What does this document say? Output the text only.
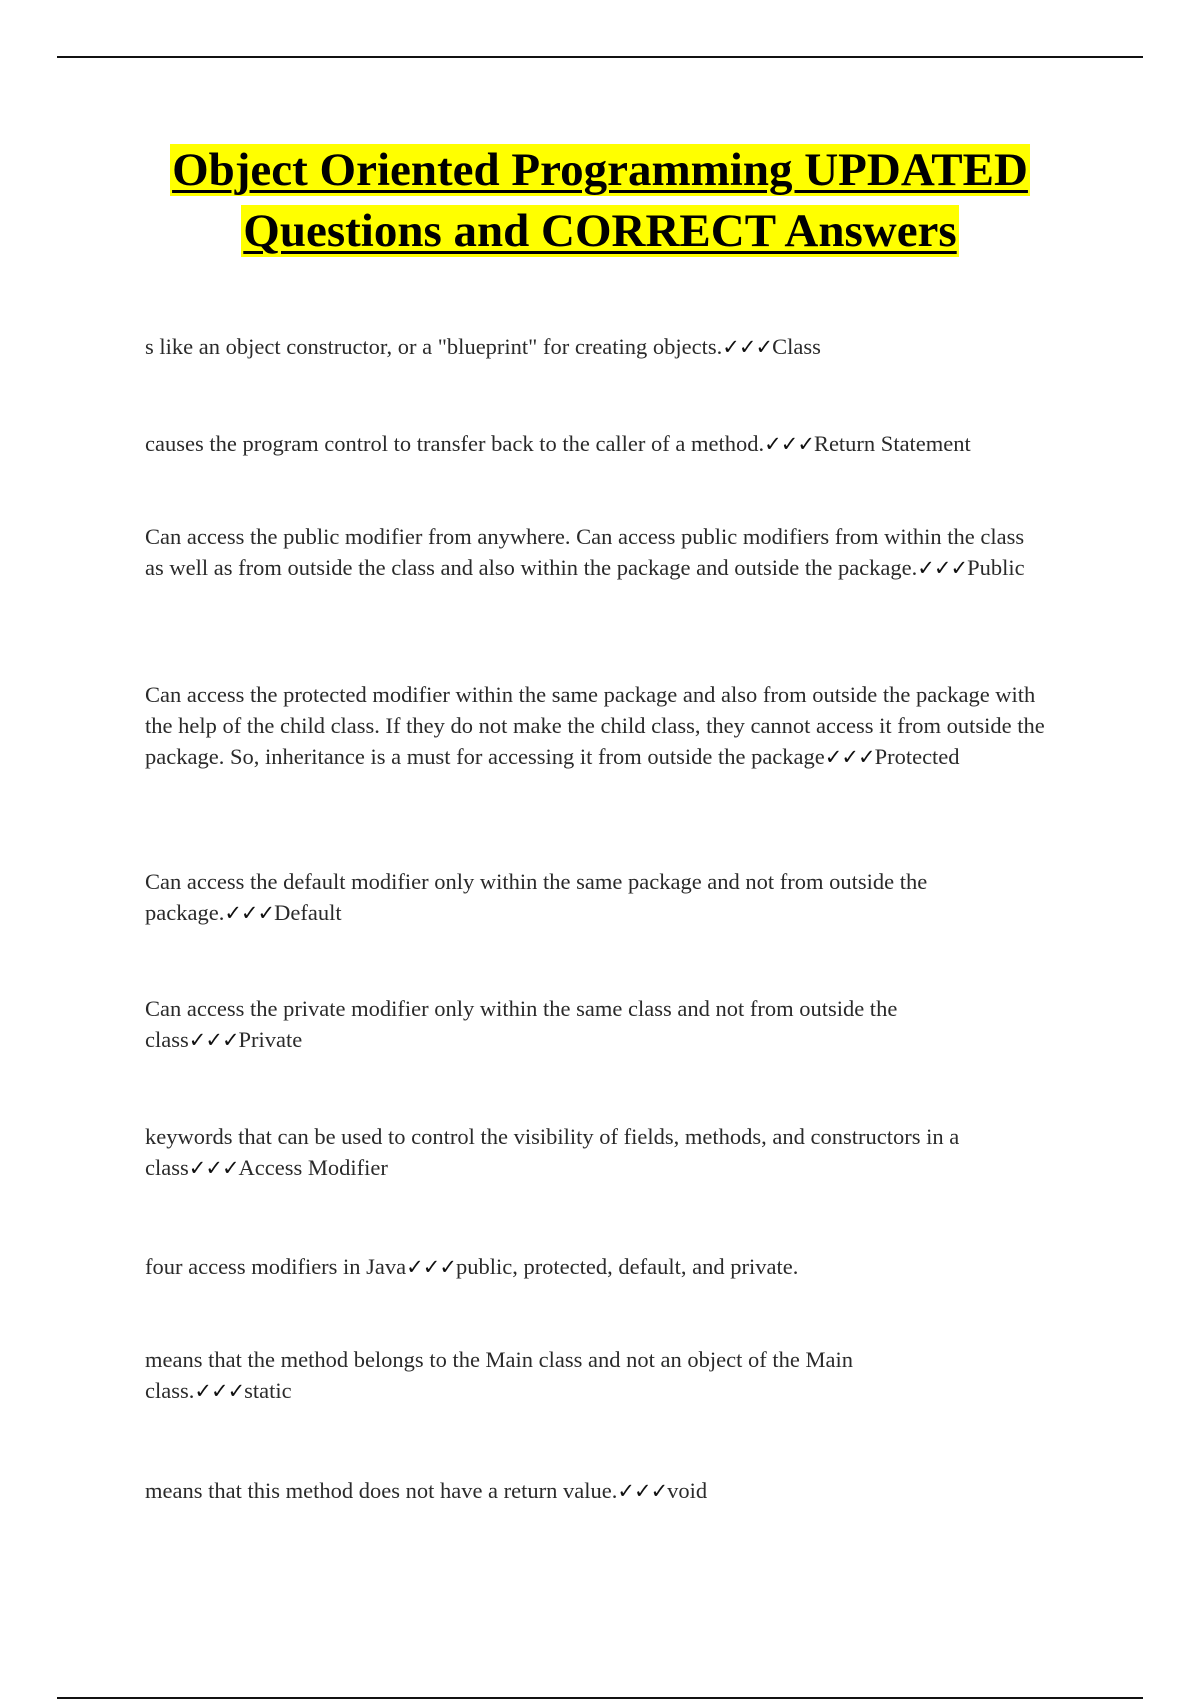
Object Oriented Programming UPDATED
Questions and CORRECT Answers

s like an object constructor, or a "blueprint" for creating objects.✓✓✓Class

causes the program control to transfer back to the caller of a method.✓✓✓Return Statement

Can access the public modifier from anywhere. Can access public modifiers from within the class as well as from outside the class and also within the package and outside the package.✓✓✓Public

Can access the protected modifier within the same package and also from outside the package with the help of the child class. If they do not make the child class, they cannot access it from outside the package. So, inheritance is a must for accessing it from outside the package✓✓✓Protected

Can access the default modifier only within the same package and not from outside the package.✓✓✓Default

Can access the private modifier only within the same class and not from outside the class✓✓✓Private

keywords that can be used to control the visibility of fields, methods, and constructors in a class✓✓✓Access Modifier

four access modifiers in Java✓✓✓public, protected, default, and private.

means that the method belongs to the Main class and not an object of the Main class.✓✓✓static

means that this method does not have a return value.✓✓✓void
